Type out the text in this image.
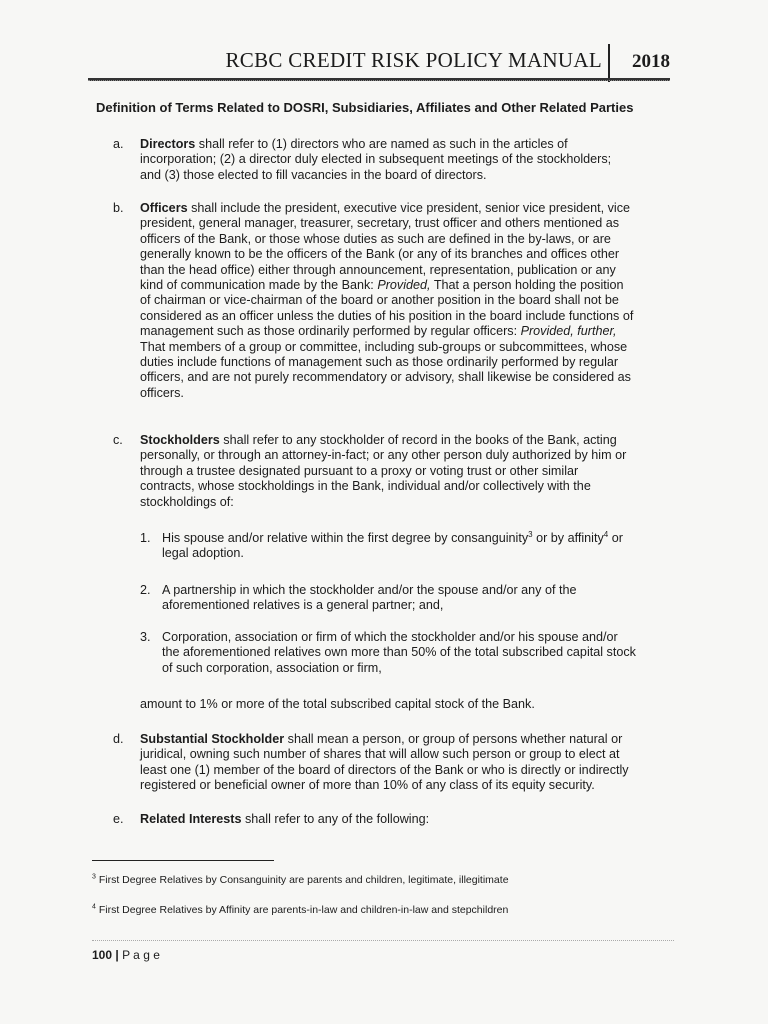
RCBC CREDIT RISK POLICY MANUAL 2018
Definition of Terms Related to DOSRI, Subsidiaries, Affiliates and Other Related Parties
a. Directors shall refer to (1) directors who are named as such in the articles of
incorporation; (2) a director duly elected in subsequent meetings of the stockholders;
and (3) those elected to fill vacancies in the board of directors.
b. Officers shall include the president, executive vice president, senior vice president, vice
president, general manager, treasurer, secretary, trust officer and others mentioned as
officers of the Bank, or those whose duties as such are defined in the by-laws, or are
generally known to be the officers of the Bank (or any of its branches and offices other
than the head office) either through announcement, representation, publication or any
kind of communication made by the Bank: Provided, That a person holding the position
of chairman or vice-chairman of the board or another position in the board shall not be
considered as an officer unless the duties of his position in the board include functions of
management such as those ordinarily performed by regular officers: Provided, further,
That members of a group or committee, including sub-groups or subcommittees, whose
duties include functions of management such as those ordinarily performed by regular
officers, and are not purely recommendatory or advisory, shall likewise be considered as
officers.
c. Stockholders shall refer to any stockholder of record in the books of the Bank, acting
personally, or through an attorney-in-fact; or any other person duly authorized by him or
through a trustee designated pursuant to a proxy or voting trust or other similar
contracts, whose stockholdings in the Bank, individual and/or collectively with the
stockholdings of:
1. His spouse and/or relative within the first degree by consanguinity$^3$ or by affinity$^4$ or
legal adoption.
2. A partnership in which the stockholder and/or the spouse and/or any of the
aforementioned relatives is a general partner; and,
3. Corporation, association or firm of which the stockholder and/or his spouse and/or
the aforementioned relatives own more than 50% of the total subscribed capital stock
of such corporation, association or firm,
amount to 1% or more of the total subscribed capital stock of the Bank.
d. Substantial Stockholder shall mean a person, or group of persons whether natural or
juridical, owning such number of shares that will allow such person or group to elect at
least one (1) member of the board of directors of the Bank or who is directly or indirectly
registered or beneficial owner of more than 10% of any class of its equity security.
e. Related Interests shall refer to any of the following:
$^3$ First Degree Relatives by Consanguinity are parents and children, legitimate, illegitimate
$^4$ First Degree Relatives by Affinity are parents-in-law and children-in-law and stepchildren
100 | P a g e
